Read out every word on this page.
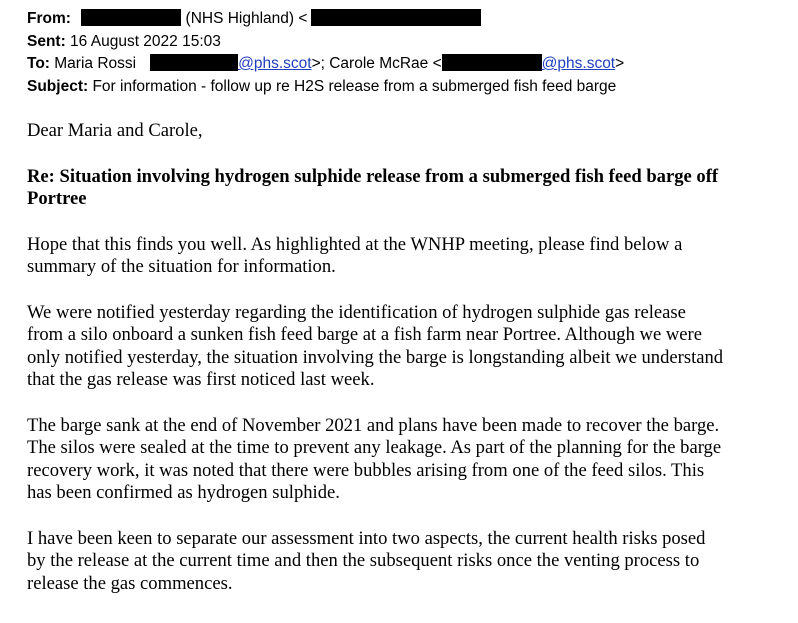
From:	(NHS Highland) <
Sent: 16 August 2022 15:03
To: Maria Rossi	@phs.scot>; Carole McRae <	@phs.scot>
Subject: For information - follow up re H2S release from a submerged fish feed barge

Dear Maria and Carole,

Re: Situation involving hydrogen sulphide release from a submerged fish feed barge off
Portree

Hope that this finds you well. As highlighted at the WNHP meeting, please find below a
summary of the situation for information.

We were notified yesterday regarding the identification of hydrogen sulphide gas release
from a silo onboard a sunken fish feed barge at a fish farm near Portree. Although we were
only notified yesterday, the situation involving the barge is longstanding albeit we understand
that the gas release was first noticed last week.

The barge sank at the end of November 2021 and plans have been made to recover the barge.
The silos were sealed at the time to prevent any leakage. As part of the planning for the barge
recovery work, it was noted that there were bubbles arising from one of the feed silos. This
has been confirmed as hydrogen sulphide.

I have been keen to separate our assessment into two aspects, the current health risks posed
by the release at the current time and then the subsequent risks once the venting process to
release the gas commences.
